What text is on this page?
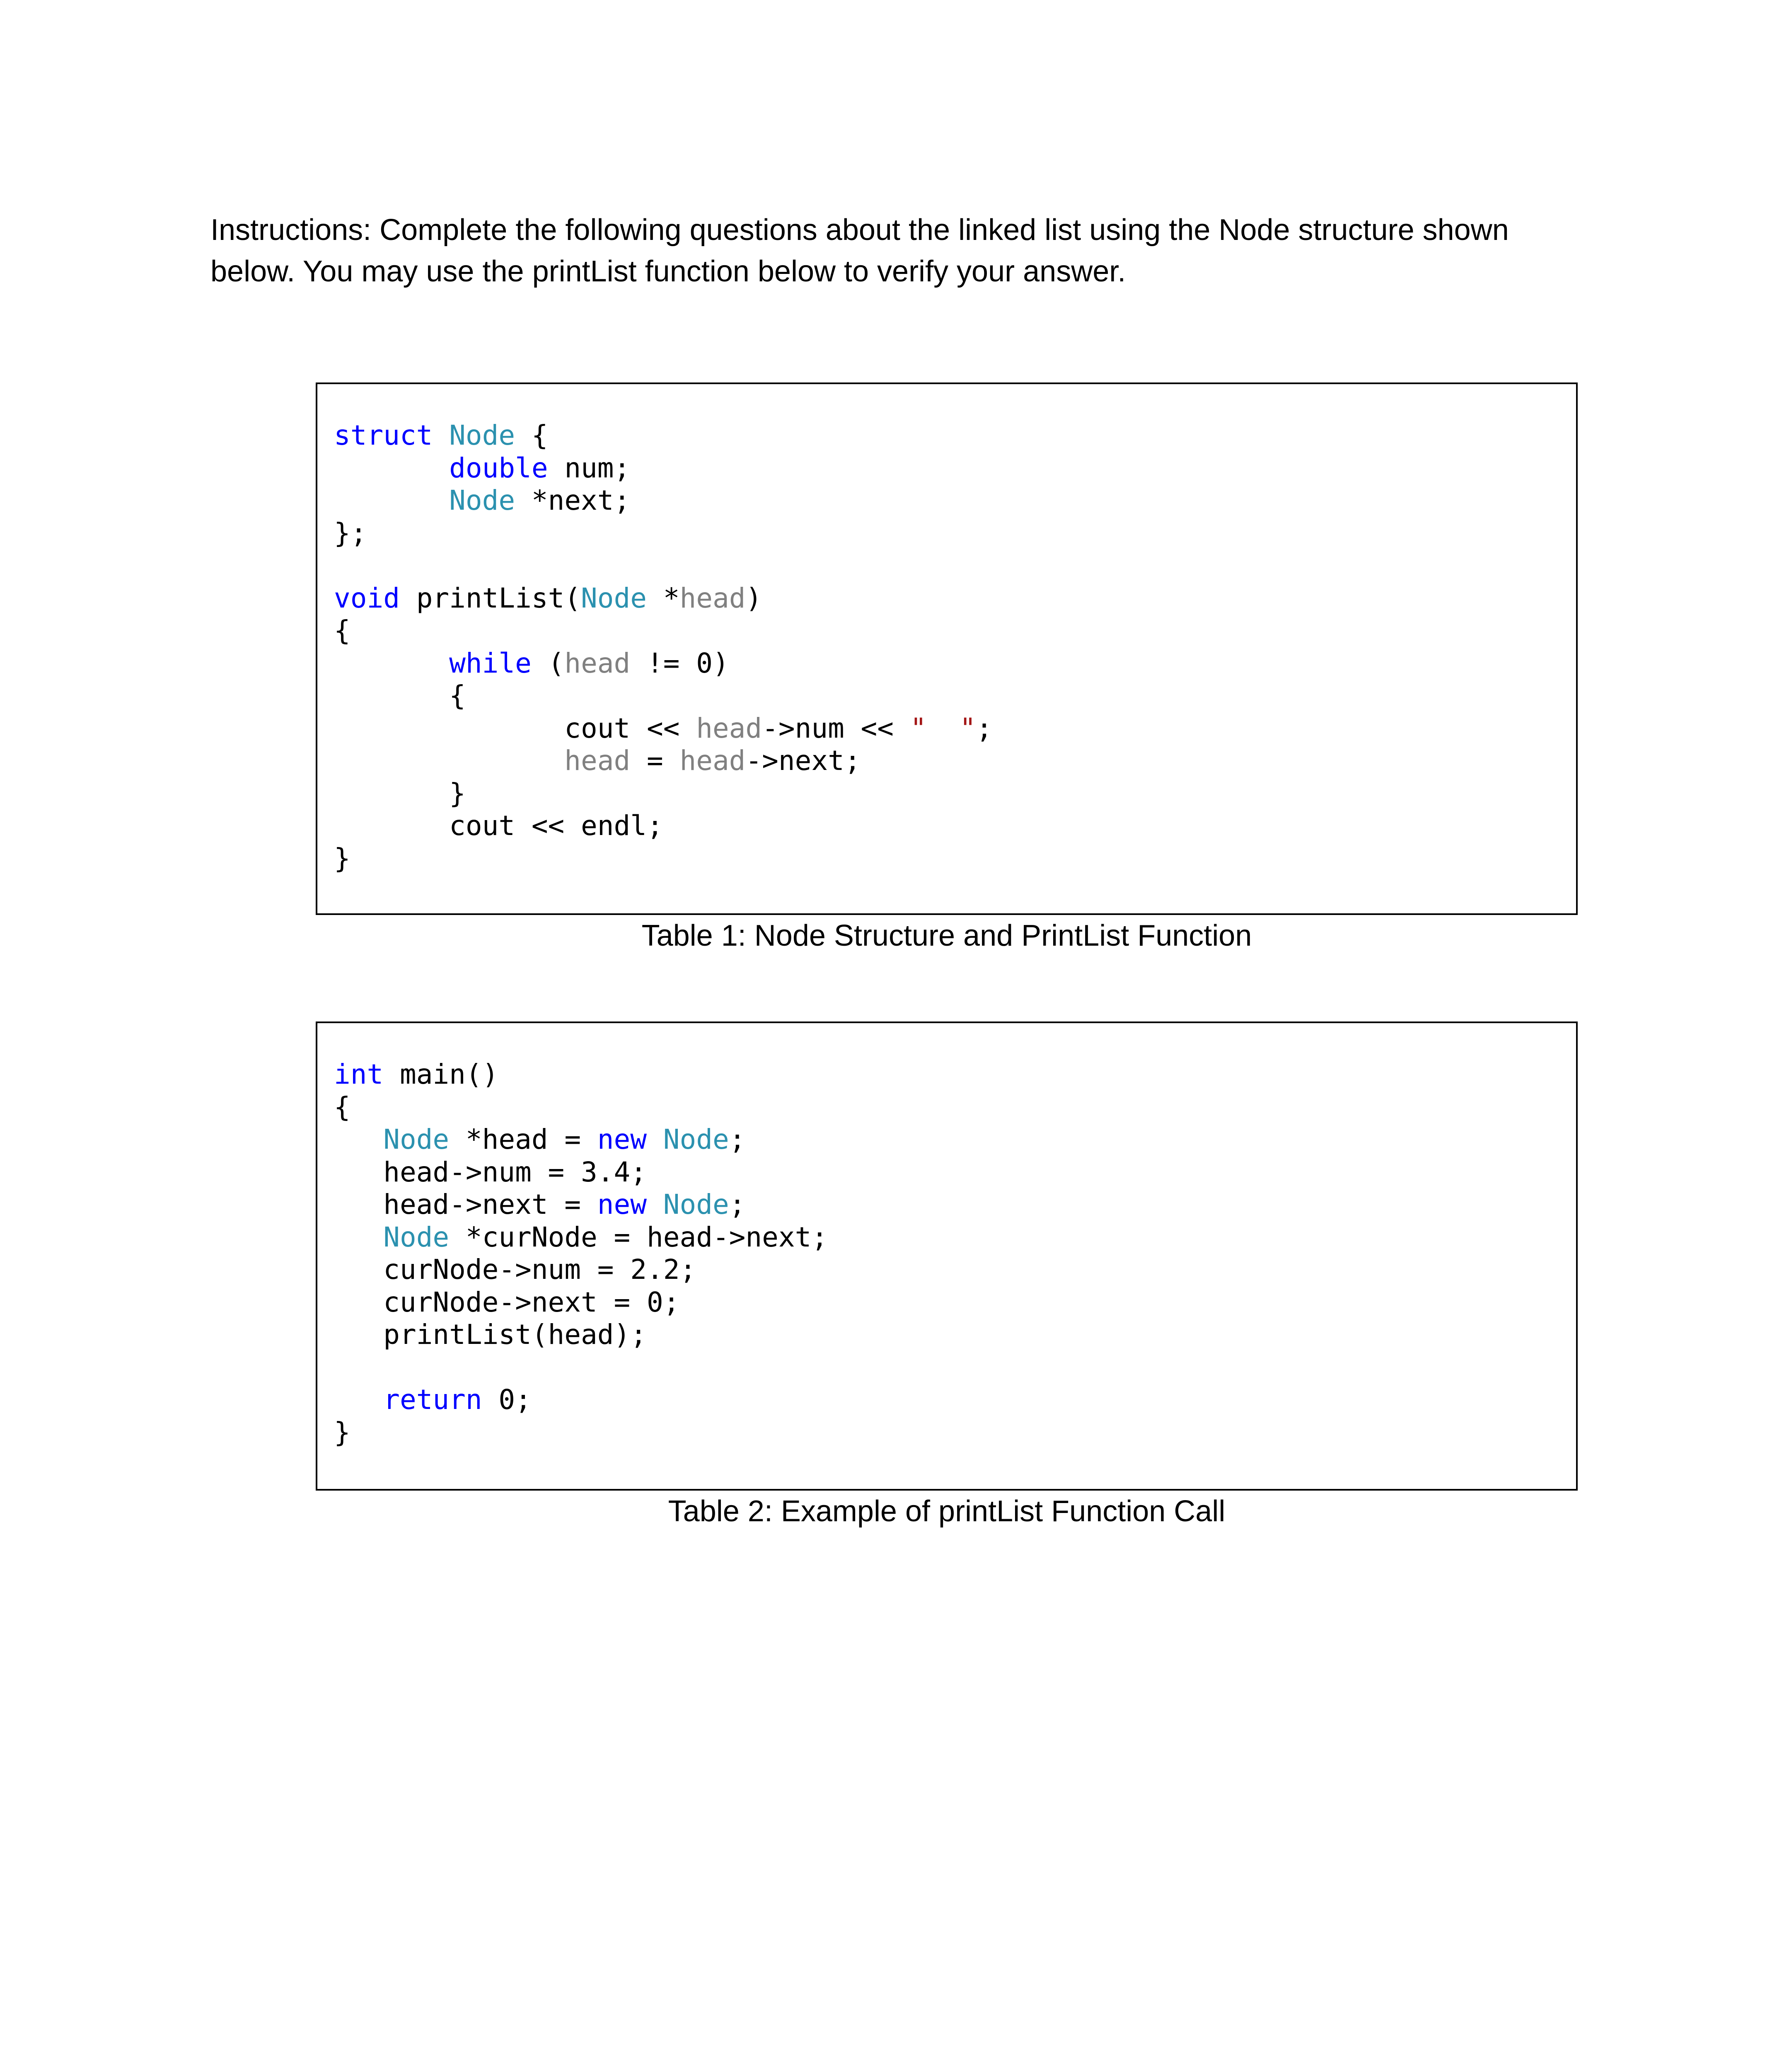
Instructions: Complete the following questions about the linked list using the Node structure shown below. You may use the printList function below to verify your answer.

struct Node {
double num;
Node *next;
};
void printList(Node *head)
{
while (head != 0)
{
cout << head->num << "  ";
head = head->next;
}
cout << endl;
}

Table 1: Node Structure and PrintList Function

int main()
{
Node *head = new Node;
head->num = 3.4;
head->next = new Node;
Node *curNode = head->next;
curNode->num = 2.2;
curNode->next = 0;
printList(head);
return 0;
}

Table 2: Example of printList Function Call
